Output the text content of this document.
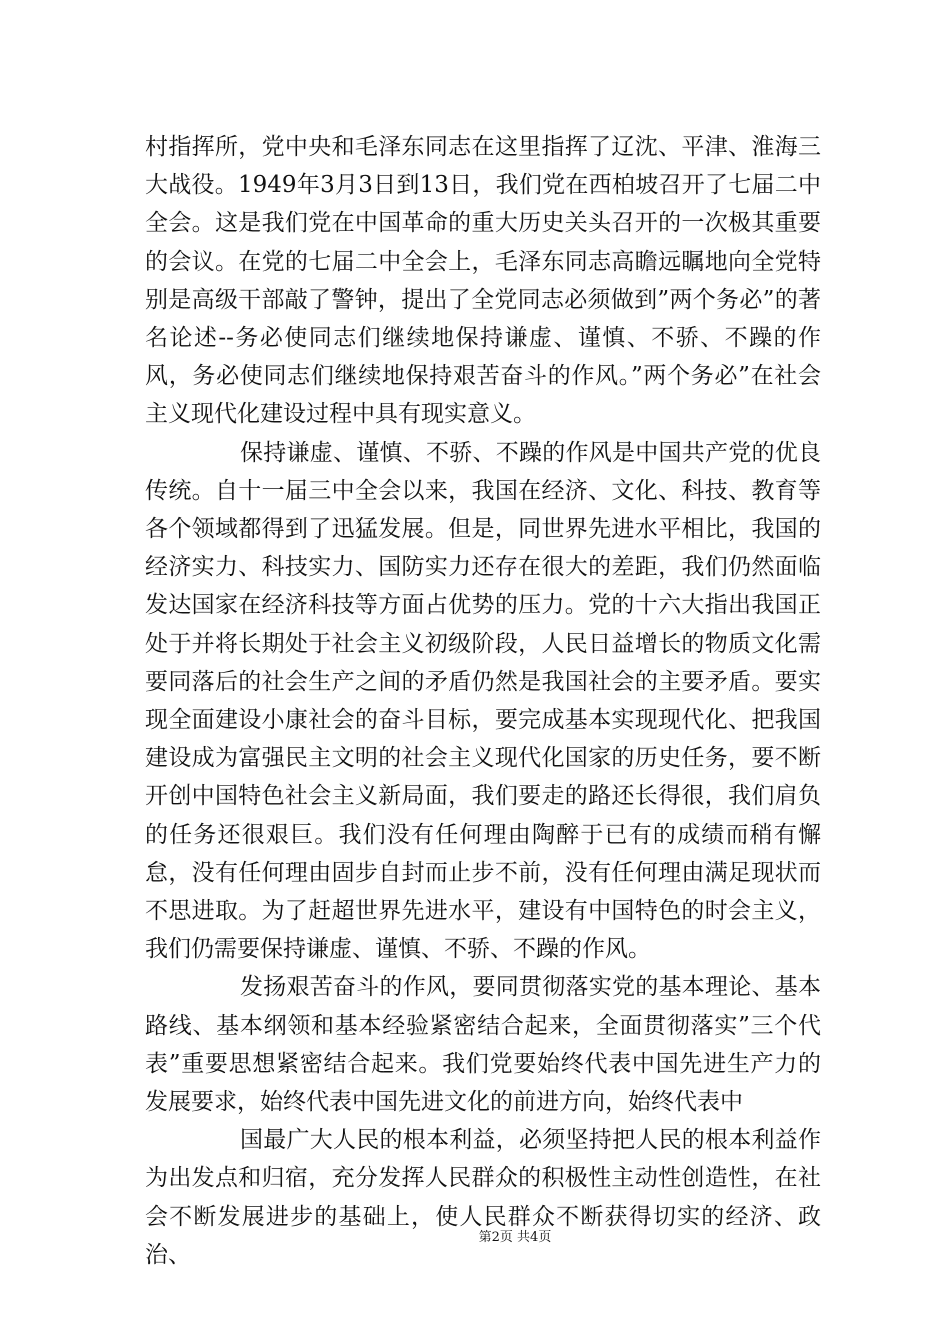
村指挥所，党中央和毛泽东同志在这里指挥了辽沈、平津、淮海三大战役。1949年3月3日到13日，我们党在西柏坡召开了七届二中全会。这是我们党在中国革命的重大历史关头召开的一次极其重要的会议。在党的七届二中全会上，毛泽东同志高瞻远瞩地向全党特别是高级干部敲了警钟，提出了全党同志必须做到”两个务必”的著名论述--务必使同志们继续地保持谦虚、谨慎、不骄、不躁的作风，务必使同志们继续地保持艰苦奋斗的作风。”两个务必”在社会主义现代化建设过程中具有现实意义。

保持谦虚、谨慎、不骄、不躁的作风是中国共产党的优良传统。自十一届三中全会以来，我国在经济、文化、科技、教育等各个领域都得到了迅猛发展。但是，同世界先进水平相比，我国的经济实力、科技实力、国防实力还存在很大的差距，我们仍然面临发达国家在经济科技等方面占优势的压力。党的十六大指出我国正处于并将长期处于社会主义初级阶段，人民日益增长的物质文化需要同落后的社会生产之间的矛盾仍然是我国社会的主要矛盾。要实现全面建设小康社会的奋斗目标，要完成基本实现现代化、把我国建设成为富强民主文明的社会主义现代化国家的历史任务，要不断开创中国特色社会主义新局面，我们要走的路还长得很，我们肩负的任务还很艰巨。我们没有任何理由陶醉于已有的成绩而稍有懈怠，没有任何理由固步自封而止步不前，没有任何理由满足现状而不思进取。为了赶超世界先进水平，建设有中国特色的时会主义，我们仍需要保持谦虚、谨慎、不骄、不躁的作风。

发扬艰苦奋斗的作风，要同贯彻落实党的基本理论、基本路线、基本纲领和基本经验紧密结合起来，全面贯彻落实”三个代表”重要思想紧密结合起来。我们党要始终代表中国先进生产力的发展要求，始终代表中国先进文化的前进方向，始终代表中

国最广大人民的根本利益，必须坚持把人民的根本利益作为出发点和归宿，充分发挥人民群众的积极性主动性创造性，在社会不断发展进步的基础上，使人民群众不断获得切实的经济、政治、

第2页 共4页
